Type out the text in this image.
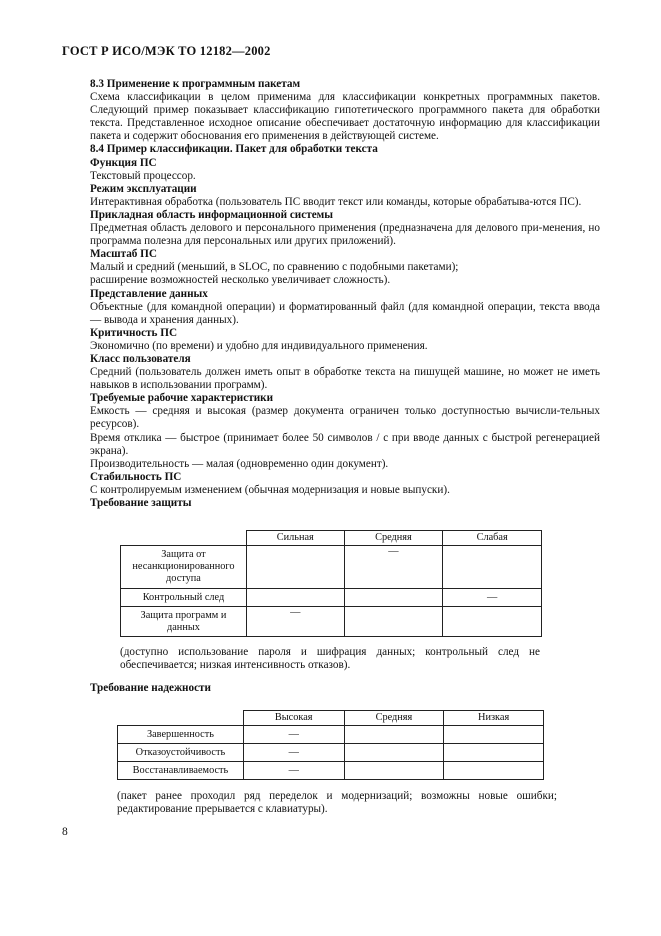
ГОСТ Р ИСО/МЭК ТО 12182—2002

8.3 Применение к программным пакетам

Схема классификации в целом применима для классификации конкретных программных пакетов. Следующий пример показывает классификацию гипотетического программного пакета для обработки текста. Представленное исходное описание обеспечивает достаточную информацию для классификации пакета и содержит обоснования его применения в действующей системе.

8.4 Пример классификации. Пакет для обработки текста

Функция ПС

Текстовый процессор.

Режим эксплуатации

Интерактивная обработка (пользователь ПС вводит текст или команды, которые обрабатыва-ются ПС).

Прикладная область информационной системы

Предметная область делового и персонального применения (предназначена для делового при-менения, но программа полезна для персональных или других приложений).

Масштаб ПС

Малый и средний (меньший, в SLOC, по сравнению с подобными пакетами);

расширение возможностей несколько увеличивает сложность).

Представление данных

Объектные (для командной операции) и форматированный файл (для командной операции, текста ввода — вывода и хранения данных).

Критичность ПС

Экономично (по времени) и удобно для индивидуального применения.

Класс пользователя

Средний (пользователь должен иметь опыт в обработке текста на пишущей машине, но может не иметь навыков в использовании программ).

Требуемые рабочие характеристики

Емкость — средняя и высокая (размер документа ограничен только доступностью вычисли-тельных ресурсов).

Время отклика — быстрое (принимает более 50 символов / с при вводе данных с быстрой регенерацией экрана).

Производительность — малая (одновременно один документ).

Стабильность ПС

С контролируемым изменением (обычная модернизация и новые выпуски).

Требование защиты

	Сильная	Средняя	Слабая
Защита от несанкционированного доступа		—	
Контрольный след			—
Защита программ и данных	—		

(доступно использование пароля и шифрация данных; контрольный след не обеспечивается; низкая интенсивность отказов).

Требование надежности

	Высокая	Средняя	Низкая
Завершенность	—		
Отказоустойчивость	—		
Восстанавливаемость	—		

(пакет ранее проходил ряд переделок и модернизаций; возможны новые ошибки; редактирование прерывается с клавиатуры).

8
